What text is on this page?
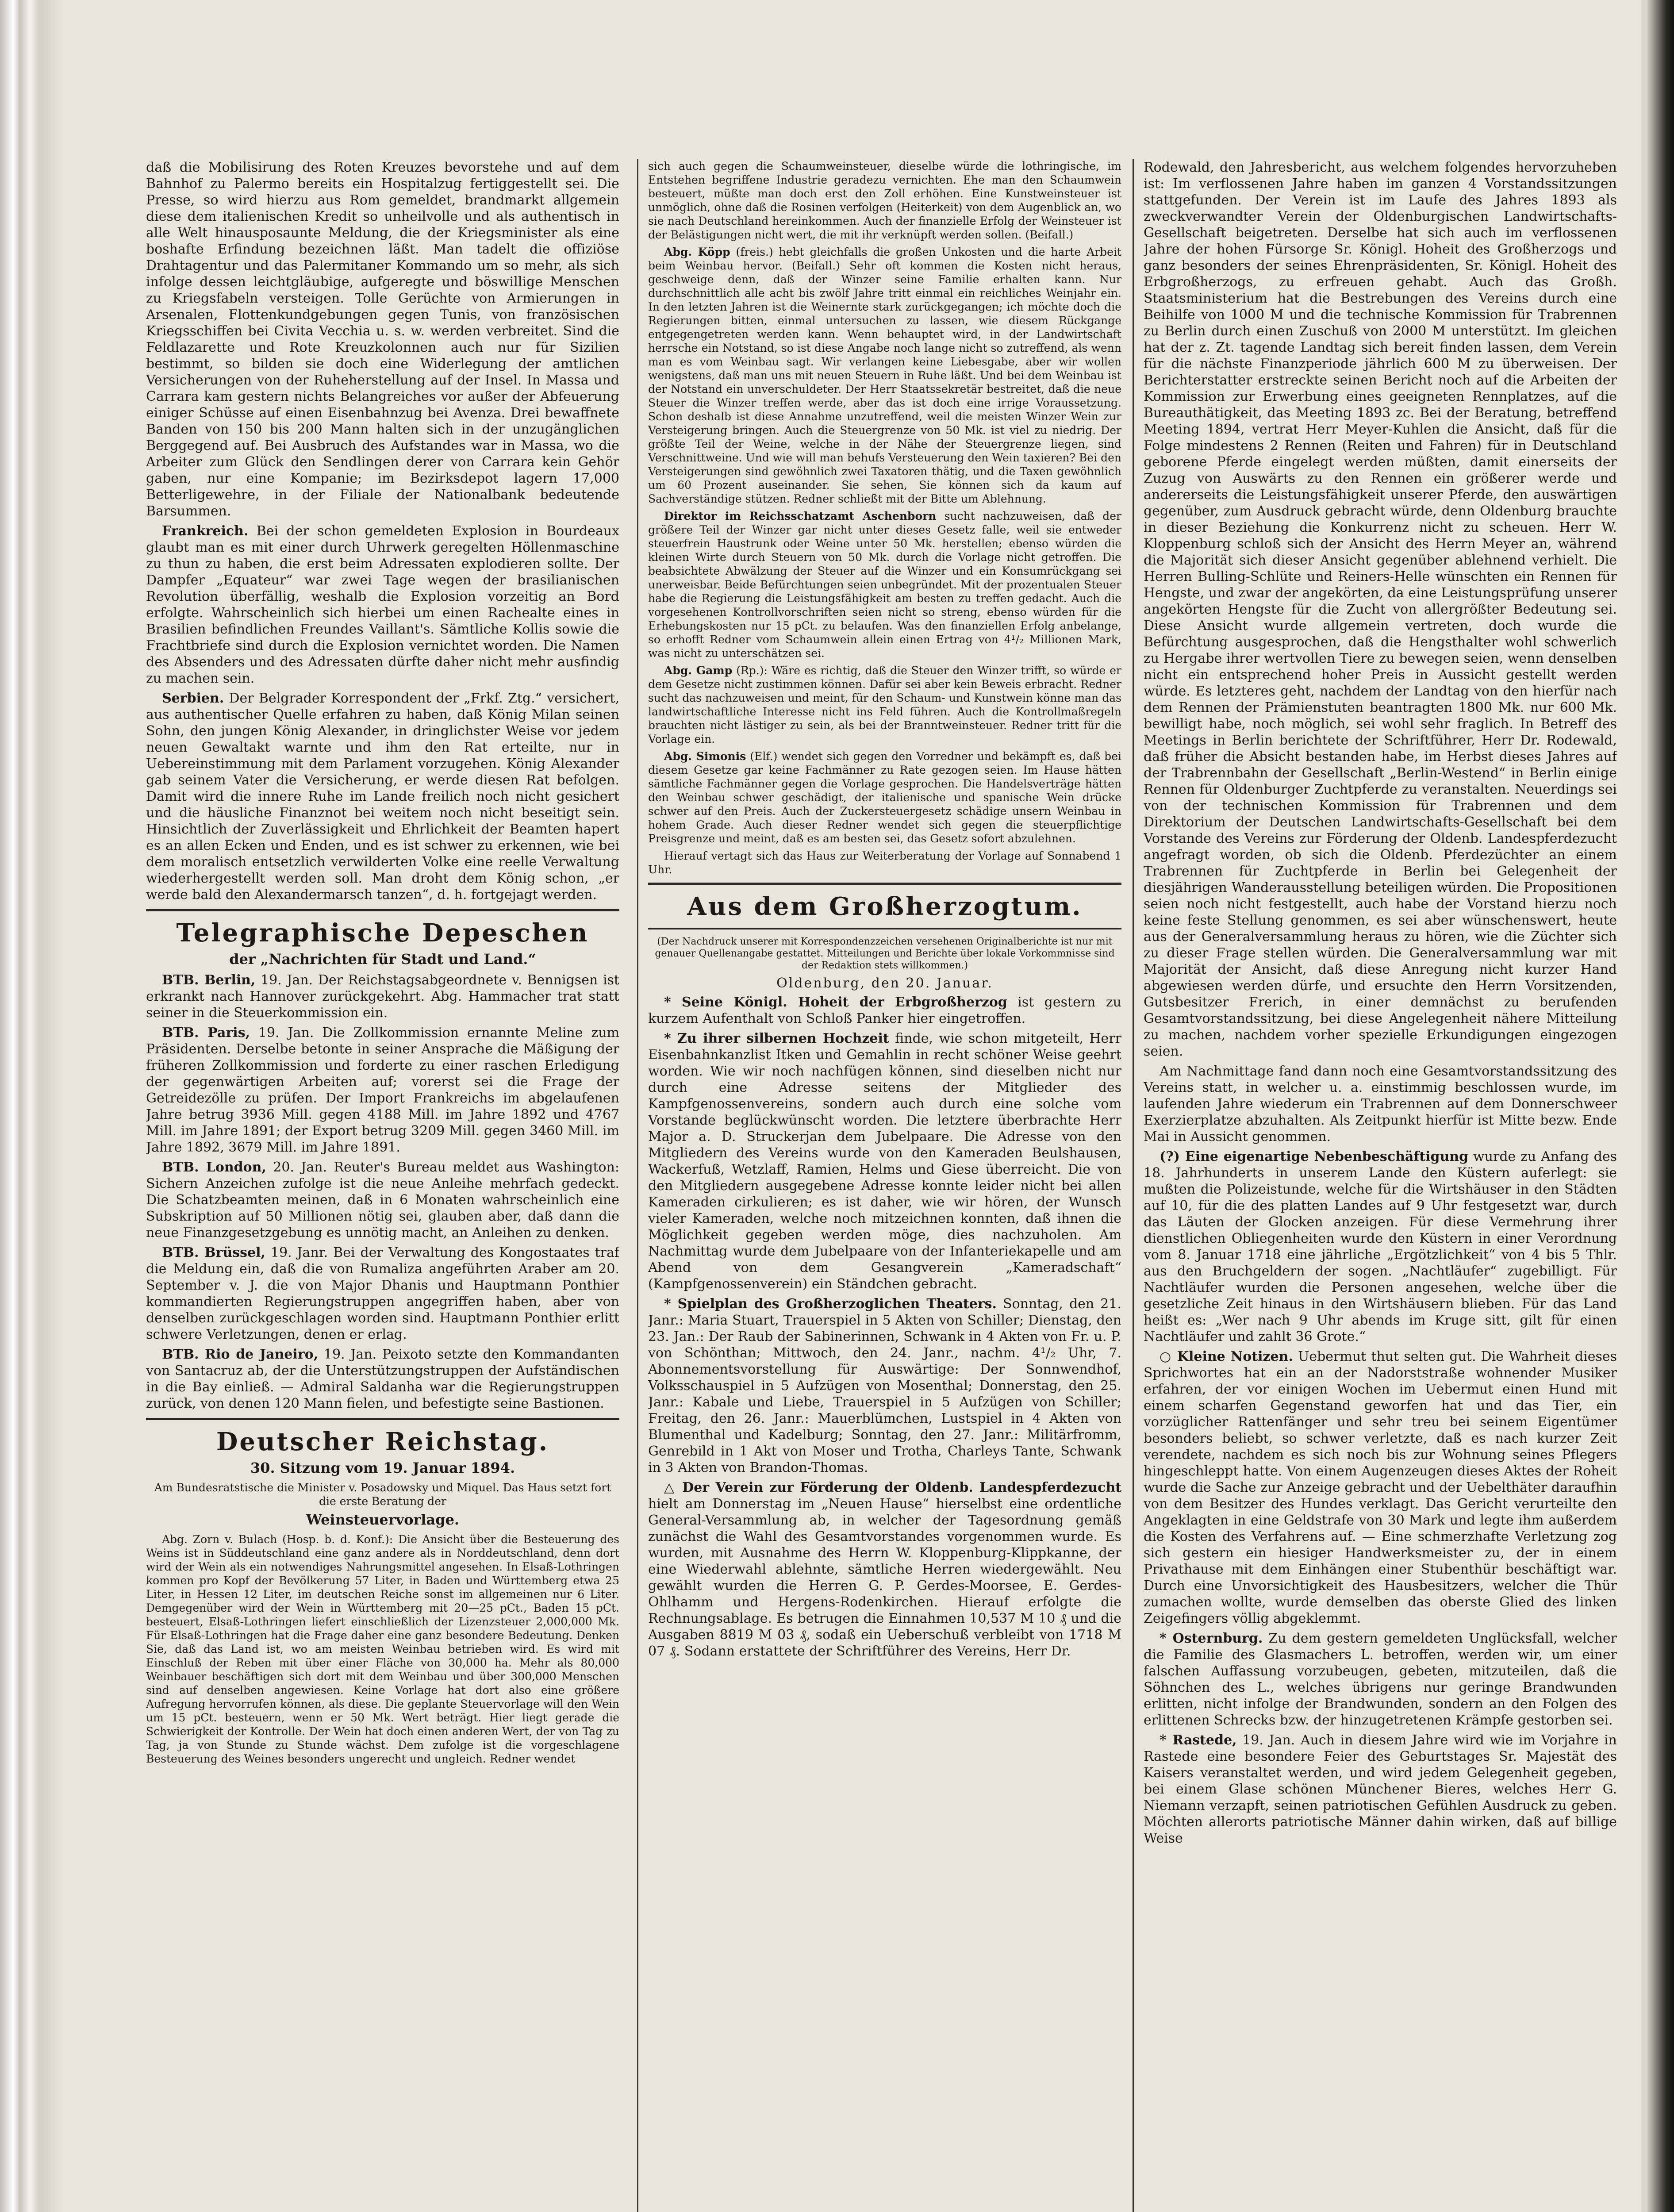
daß die Mobilisirung des Roten Kreuzes bevorstehe und auf dem Bahnhof zu Palermo bereits ein Hospitalzug fertiggestellt sei. Die Presse, so wird hierzu aus Rom gemeldet, brandmarkt allgemein diese dem italienischen Kredit so unheilvolle und als authentisch in alle Welt hinausposaunte Meldung, die der Kriegsminister als eine boshafte Erfindung bezeichnen läßt. Man tadelt die offiziöse Drahtagentur und das Palermitaner Kommando um so mehr, als sich infolge dessen leichtgläubige, aufgeregte und böswillige Menschen zu Kriegsfabeln versteigen. Tolle Gerüchte von Armierungen in Arsenalen, Flottenkundgebungen gegen Tunis, von französischen Kriegsschiffen bei Civita Vecchia u. s. w. werden verbreitet. Sind die Feldlazarette und Rote Kreuzkolonnen auch nur für Sizilien bestimmt, so bilden sie doch eine Widerlegung der amtlichen Versicherungen von der Ruheherstellung auf der Insel. In Massa und Carrara kam gestern nichts Belangreiches vor außer der Abfeuerung einiger Schüsse auf einen Eisenbahnzug bei Avenza. Drei bewaffnete Banden von 150 bis 200 Mann halten sich in der unzugänglichen Berggegend auf. Bei Ausbruch des Aufstandes war in Massa, wo die Arbeiter zum Glück den Sendlingen derer von Carrara kein Gehör gaben, nur eine Kompanie; im Bezirksdepot lagern 17,000 Betterligewehre, in der Filiale der Nationalbank bedeutende Barsummen.

Frankreich. Bei der schon gemeldeten Explosion in Bourdeaux glaubt man es mit einer durch Uhrwerk geregelten Höllenmaschine zu thun zu haben, die erst beim Adressaten explodieren sollte. Der Dampfer „Equateur“ war zwei Tage wegen der brasilianischen Revolution überfällig, weshalb die Explosion vorzeitig an Bord erfolgte. Wahrscheinlich sich hierbei um einen Rachealte eines in Brasilien befindlichen Freundes Vaillant's. Sämtliche Kollis sowie die Frachtbriefe sind durch die Explosion vernichtet worden. Die Namen des Absenders und des Adressaten dürfte daher nicht mehr ausfindig zu machen sein.

Serbien. Der Belgrader Korrespondent der „Frkf. Ztg.“ versichert, aus authentischer Quelle erfahren zu haben, daß König Milan seinen Sohn, den jungen König Alexander, in dringlichster Weise vor jedem neuen Gewaltakt warnte und ihm den Rat erteilte, nur in Uebereinstimmung mit dem Parlament vorzugehen. König Alexander gab seinem Vater die Versicherung, er werde diesen Rat befolgen. Damit wird die innere Ruhe im Lande freilich noch nicht gesichert und die häusliche Finanznot bei weitem noch nicht beseitigt sein. Hinsichtlich der Zuverlässigkeit und Ehrlichkeit der Beamten hapert es an allen Ecken und Enden, und es ist schwer zu erkennen, wie bei dem moralisch entsetzlich verwilderten Volke eine reelle Verwaltung wiederhergestellt werden soll. Man droht dem König schon, „er werde bald den Alexandermarsch tanzen“, d. h. fortgejagt werden.

Telegraphische Depeschen
der „Nachrichten für Stadt und Land.“

BTB. Berlin, 19. Jan. Der Reichstagsabgeordnete v. Bennigsen ist erkrankt nach Hannover zurückgekehrt. Abg. Hammacher trat statt seiner in die Steuerkommission ein.

BTB. Paris, 19. Jan. Die Zollkommission ernannte Meline zum Präsidenten. Derselbe betonte in seiner Ansprache die Mäßigung der früheren Zollkommission und forderte zu einer raschen Erledigung der gegenwärtigen Arbeiten auf; vorerst sei die Frage der Getreidezölle zu prüfen. Der Import Frankreichs im abgelaufenen Jahre betrug 3936 Mill. gegen 4188 Mill. im Jahre 1892 und 4767 Mill. im Jahre 1891; der Export betrug 3209 Mill. gegen 3460 Mill. im Jahre 1892, 3679 Mill. im Jahre 1891.

BTB. London, 20. Jan. Reuter's Bureau meldet aus Washington: Sichern Anzeichen zufolge ist die neue Anleihe mehrfach gedeckt. Die Schatzbeamten meinen, daß in 6 Monaten wahrscheinlich eine Subskription auf 50 Millionen nötig sei, glauben aber, daß dann die neue Finanzgesetzgebung es unnötig macht, an Anleihen zu denken.

BTB. Brüssel, 19. Janr. Bei der Verwaltung des Kongostaates traf die Meldung ein, daß die von Rumaliza angeführten Araber am 20. September v. J. die von Major Dhanis und Hauptmann Ponthier kommandierten Regierungstruppen angegriffen haben, aber von denselben zurückgeschlagen worden sind. Hauptmann Ponthier erlitt schwere Verletzungen, denen er erlag.

BTB. Rio de Janeiro, 19. Jan. Peixoto setzte den Kommandanten von Santacruz ab, der die Unterstützungstruppen der Aufständischen in die Bay einließ. — Admiral Saldanha war die Regierungstruppen zurück, von denen 120 Mann fielen, und befestigte seine Bastionen.

Deutscher Reichstag.
30. Sitzung vom 19. Januar 1894.

Am Bundesratstische die Minister v. Posadowsky und Miquel. Das Haus setzt fort die erste Beratung der

Weinsteuervorlage.

Abg. Zorn v. Bulach (Hosp. b. d. Konf.): Die Ansicht über die Besteuerung des Weins ist in Süddeutschland eine ganz andere als in Norddeutschland, denn dort wird der Wein als ein notwendiges Nahrungsmittel angesehen. In Elsaß-Lothringen kommen pro Kopf der Bevölkerung 57 Liter, in Baden und Württemberg etwa 25 Liter, in Hessen 12 Liter, im deutschen Reiche sonst im allgemeinen nur 6 Liter. Demgegenüber wird der Wein in Württemberg mit 20—25 pCt., Baden 15 pCt. besteuert, Elsaß-Lothringen liefert einschließlich der Lizenzsteuer 2,000,000 Mk. Für Elsaß-Lothringen hat die Frage daher eine ganz besondere Bedeutung. Denken Sie, daß das Land ist, wo am meisten Weinbau betrieben wird. Es wird mit Einschluß der Reben mit über einer Fläche von 30,000 ha. Mehr als 80,000 Weinbauer beschäftigen sich dort mit dem Weinbau und über 300,000 Menschen sind auf denselben angewiesen. Keine Vorlage hat dort also eine größere Aufregung hervorrufen können, als diese. Die geplante Steuervorlage will den Wein um 15 pCt. besteuern, wenn er 50 Mk. Wert beträgt. Hier liegt gerade die Schwierigkeit der Kontrolle. Der Wein hat doch einen anderen Wert, der von Tag zu Tag, ja von Stunde zu Stunde wächst. Dem zufolge ist die vorgeschlagene Besteuerung des Weines besonders ungerecht und ungleich. Redner wendet

sich auch gegen die Schaumweinsteuer, dieselbe würde die lothringische, im Entstehen begriffene Industrie geradezu vernichten. Ehe man den Schaumwein besteuert, müßte man doch erst den Zoll erhöhen. Eine Kunstweinsteuer ist unmöglich, ohne daß die Rosinen verfolgen (Heiterkeit) von dem Augenblick an, wo sie nach Deutschland hereinkommen. Auch der finanzielle Erfolg der Weinsteuer ist der Belästigungen nicht wert, die mit ihr verknüpft werden sollen. (Beifall.)

Abg. Köpp (freis.) hebt gleichfalls die großen Unkosten und die harte Arbeit beim Weinbau hervor. (Beifall.) Sehr oft kommen die Kosten nicht heraus, geschweige denn, daß der Winzer seine Familie erhalten kann. Nur durchschnittlich alle acht bis zwölf Jahre tritt einmal ein reichliches Weinjahr ein. In den letzten Jahren ist die Weinernte stark zurückgegangen; ich möchte doch die Regierungen bitten, einmal untersuchen zu lassen, wie diesem Rückgange entgegengetreten werden kann. Wenn behauptet wird, in der Landwirtschaft herrsche ein Notstand, so ist diese Angabe noch lange nicht so zutreffend, als wenn man es vom Weinbau sagt. Wir verlangen keine Liebesgabe, aber wir wollen wenigstens, daß man uns mit neuen Steuern in Ruhe läßt. Und bei dem Weinbau ist der Notstand ein unverschuldeter. Der Herr Staatssekretär bestreitet, daß die neue Steuer die Winzer treffen werde, aber das ist doch eine irrige Voraussetzung. Schon deshalb ist diese Annahme unzutreffend, weil die meisten Winzer Wein zur Versteigerung bringen. Auch die Steuergrenze von 50 Mk. ist viel zu niedrig. Der größte Teil der Weine, welche in der Nähe der Steuergrenze liegen, sind Verschnittweine. Und wie will man behufs Versteuerung den Wein taxieren? Bei den Versteigerungen sind gewöhnlich zwei Taxatoren thätig, und die Taxen gewöhnlich um 60 Prozent auseinander. Sie sehen, Sie können sich da kaum auf Sachverständige stützen. Redner schließt mit der Bitte um Ablehnung.

Direktor im Reichsschatzamt Aschenborn sucht nachzuweisen, daß der größere Teil der Winzer gar nicht unter dieses Gesetz falle, weil sie entweder steuerfrein Haustrunk oder Weine unter 50 Mk. herstellen; ebenso würden die kleinen Wirte durch Steuern von 50 Mk. durch die Vorlage nicht getroffen. Die beabsichtete Abwälzung der Steuer auf die Winzer und ein Konsumrückgang sei unerweisbar. Beide Befürchtungen seien unbegründet. Mit der prozentualen Steuer habe die Regierung die Leistungsfähigkeit am besten zu treffen gedacht. Auch die vorgesehenen Kontrollvorschriften seien nicht so streng, ebenso würden für die Erhebungskosten nur 15 pCt. zu belaufen. Was den finanziellen Erfolg anbelange, so erhofft Redner vom Schaumwein allein einen Ertrag von 4¹/₂ Millionen Mark, was nicht zu unterschätzen sei.

Abg. Gamp (Rp.): Wäre es richtig, daß die Steuer den Winzer trifft, so würde er dem Gesetze nicht zustimmen können. Dafür sei aber kein Beweis erbracht. Redner sucht das nachzuweisen und meint, für den Schaum- und Kunstwein könne man das landwirtschaftliche Interesse nicht ins Feld führen. Auch die Kontrollmaßregeln brauchten nicht lästiger zu sein, als bei der Branntweinsteuer. Redner tritt für die Vorlage ein.

Abg. Simonis (Elf.) wendet sich gegen den Vorredner und bekämpft es, daß bei diesem Gesetze gar keine Fachmänner zu Rate gezogen seien. Im Hause hätten sämtliche Fachmänner gegen die Vorlage gesprochen. Die Handelsverträge hätten den Weinbau schwer geschädigt, der italienische und spanische Wein drücke schwer auf den Preis. Auch der Zuckersteuergesetz schädige unsern Weinbau in hohem Grade. Auch dieser Redner wendet sich gegen die steuerpflichtige Preisgrenze und meint, daß es am besten sei, das Gesetz sofort abzulehnen.

Hierauf vertagt sich das Haus zur Weiterberatung der Vorlage auf Sonnabend 1 Uhr.

Aus dem Großherzogtum.

(Der Nachdruck unserer mit Korrespondenzzeichen versehenen Originalberichte ist nur mit genauer Quellenangabe gestattet. Mitteilungen und Berichte über lokale Vorkommnisse sind der Redaktion stets willkommen.)

Oldenburg, den 20. Januar.

* Seine Königl. Hoheit der Erbgroßherzog ist gestern zu kurzem Aufenthalt von Schloß Panker hier eingetroffen.

* Zu ihrer silbernen Hochzeit finde, wie schon mitgeteilt, Herr Eisenbahnkanzlist Itken und Gemahlin in recht schöner Weise geehrt worden. Wie wir noch nachfügen können, sind dieselben nicht nur durch eine Adresse seitens der Mitglieder des Kampfgenossenvereins, sondern auch durch eine solche vom Vorstande beglückwünscht worden. Die letztere überbrachte Herr Major a. D. Struckerjan dem Jubelpaare. Die Adresse von den Mitgliedern des Vereins wurde von den Kameraden Beulshausen, Wackerfuß, Wetzlaff, Ramien, Helms und Giese überreicht. Die von den Mitgliedern ausgegebene Adresse konnte leider nicht bei allen Kameraden cirkulieren; es ist daher, wie wir hören, der Wunsch vieler Kameraden, welche noch mitzeichnen konnten, daß ihnen die Möglichkeit gegeben werden möge, dies nachzuholen. Am Nachmittag wurde dem Jubelpaare von der Infanteriekapelle und am Abend von dem Gesangverein „Kameradschaft“ (Kampfgenossenverein) ein Ständchen gebracht.

* Spielplan des Großherzoglichen Theaters. Sonntag, den 21. Janr.: Maria Stuart, Trauerspiel in 5 Akten von Schiller; Dienstag, den 23. Jan.: Der Raub der Sabinerinnen, Schwank in 4 Akten von Fr. u. P. von Schönthan; Mittwoch, den 24. Janr., nachm. 4¹/₂ Uhr, 7. Abonnementsvorstellung für Auswärtige: Der Sonnwendhof, Volksschauspiel in 5 Aufzügen von Mosenthal; Donnerstag, den 25. Janr.: Kabale und Liebe, Trauerspiel in 5 Aufzügen von Schiller; Freitag, den 26. Janr.: Mauerblümchen, Lustspiel in 4 Akten von Blumenthal und Kadelburg; Sonntag, den 27. Janr.: Militärfromm, Genrebild in 1 Akt von Moser und Trotha, Charleys Tante, Schwank in 3 Akten von Brandon-Thomas.

△ Der Verein zur Förderung der Oldenb. Landespferdezucht hielt am Donnerstag im „Neuen Hause“ hierselbst eine ordentliche General-Versammlung ab, in welcher der Tagesordnung gemäß zunächst die Wahl des Gesamtvorstandes vorgenommen wurde. Es wurden, mit Ausnahme des Herrn W. Kloppenburg-Klippkanne, der eine Wiederwahl ablehnte, sämtliche Herren wiedergewählt. Neu gewählt wurden die Herren G. P. Gerdes-Moorsee, E. Gerdes-Ohlhamm und Hergens-Rodenkirchen. Hierauf erfolgte die Rechnungsablage. Es betrugen die Einnahmen 10,537 M 10 ₰ und die Ausgaben 8819 M 03 ₰, sodaß ein Ueberschuß verbleibt von 1718 M 07 ₰. Sodann erstattete der Schriftführer des Vereins, Herr Dr.

Rodewald, den Jahresbericht, aus welchem folgendes hervorzuheben ist: Im verflossenen Jahre haben im ganzen 4 Vorstandssitzungen stattgefunden. Der Verein ist im Laufe des Jahres 1893 als zweckverwandter Verein der Oldenburgischen Landwirtschafts-Gesellschaft beigetreten. Derselbe hat sich auch im verflossenen Jahre der hohen Fürsorge Sr. Königl. Hoheit des Großherzogs und ganz besonders der seines Ehrenpräsidenten, Sr. Königl. Hoheit des Erbgroßherzogs, zu erfreuen gehabt. Auch das Großh. Staatsministerium hat die Bestrebungen des Vereins durch eine Beihilfe von 1000 M und die technische Kommission für Trabrennen zu Berlin durch einen Zuschuß von 2000 M unterstützt. Im gleichen hat der z. Zt. tagende Landtag sich bereit finden lassen, dem Verein für die nächste Finanzperiode jährlich 600 M zu überweisen. Der Berichterstatter erstreckte seinen Bericht noch auf die Arbeiten der Kommission zur Erwerbung eines geeigneten Rennplatzes, auf die Bureauthätigkeit, das Meeting 1893 zc. Bei der Beratung, betreffend Meeting 1894, vertrat Herr Meyer-Kuhlen die Ansicht, daß für die Folge mindestens 2 Rennen (Reiten und Fahren) für in Deutschland geborene Pferde eingelegt werden müßten, damit einerseits der Zuzug von Auswärts zu den Rennen ein größerer werde und andererseits die Leistungsfähigkeit unserer Pferde, den auswärtigen gegenüber, zum Ausdruck gebracht würde, denn Oldenburg brauchte in dieser Beziehung die Konkurrenz nicht zu scheuen. Herr W. Kloppenburg schloß sich der Ansicht des Herrn Meyer an, während die Majorität sich dieser Ansicht gegenüber ablehnend verhielt. Die Herren Bulling-Schlüte und Reiners-Helle wünschten ein Rennen für Hengste, und zwar der angekörten, da eine Leistungsprüfung unserer angekörten Hengste für die Zucht von allergrößter Bedeutung sei. Diese Ansicht wurde allgemein vertreten, doch wurde die Befürchtung ausgesprochen, daß die Hengsthalter wohl schwerlich zu Hergabe ihrer wertvollen Tiere zu bewegen seien, wenn denselben nicht ein entsprechend hoher Preis in Aussicht gestellt werden würde. Es letzteres geht, nachdem der Landtag von den hierfür nach dem Rennen der Prämienstuten beantragten 1800 Mk. nur 600 Mk. bewilligt habe, noch möglich, sei wohl sehr fraglich. In Betreff des Meetings in Berlin berichtete der Schriftführer, Herr Dr. Rodewald, daß früher die Absicht bestanden habe, im Herbst dieses Jahres auf der Trabrennbahn der Gesellschaft „Berlin-Westend“ in Berlin einige Rennen für Oldenburger Zuchtpferde zu veranstalten. Neuerdings sei von der technischen Kommission für Trabrennen und dem Direktorium der Deutschen Landwirtschafts-Gesellschaft bei dem Vorstande des Vereins zur Förderung der Oldenb. Landespferdezucht angefragt worden, ob sich die Oldenb. Pferdezüchter an einem Trabrennen für Zuchtpferde in Berlin bei Gelegenheit der diesjährigen Wanderausstellung beteiligen würden. Die Propositionen seien noch nicht festgestellt, auch habe der Vorstand hierzu noch keine feste Stellung genommen, es sei aber wünschenswert, heute aus der Generalversammlung heraus zu hören, wie die Züchter sich zu dieser Frage stellen würden. Die Generalversammlung war mit Majorität der Ansicht, daß diese Anregung nicht kurzer Hand abgewiesen werden dürfe, und ersuchte den Herrn Vorsitzenden, Gutsbesitzer Frerich, in einer demnächst zu berufenden Gesamtvorstandssitzung, bei diese Angelegenheit nähere Mitteilung zu machen, nachdem vorher spezielle Erkundigungen eingezogen seien.

Am Nachmittage fand dann noch eine Gesamtvorstandssitzung des Vereins statt, in welcher u. a. einstimmig beschlossen wurde, im laufenden Jahre wiederum ein Trabrennen auf dem Donnerschweer Exerzierplatze abzuhalten. Als Zeitpunkt hierfür ist Mitte bezw. Ende Mai in Aussicht genommen.

(?) Eine eigenartige Nebenbeschäftigung wurde zu Anfang des 18. Jahrhunderts in unserem Lande den Küstern auferlegt: sie mußten die Polizeistunde, welche für die Wirtshäuser in den Städten auf 10, für die des platten Landes auf 9 Uhr festgesetzt war, durch das Läuten der Glocken anzeigen. Für diese Vermehrung ihrer dienstlichen Obliegenheiten wurde den Küstern in einer Verordnung vom 8. Januar 1718 eine jährliche „Ergötzlichkeit“ von 4 bis 5 Thlr. aus den Bruchgeldern der sogen. „Nachtläufer“ zugebilligt. Für Nachtläufer wurden die Personen angesehen, welche über die gesetzliche Zeit hinaus in den Wirtshäusern blieben. Für das Land heißt es: „Wer nach 9 Uhr abends im Kruge sitt, gilt für einen Nachtläufer und zahlt 36 Grote.“

○ Kleine Notizen. Uebermut thut selten gut. Die Wahrheit dieses Sprichwortes hat ein an der Nadorststraße wohnender Musiker erfahren, der vor einigen Wochen im Uebermut einen Hund mit einem scharfen Gegenstand geworfen hat und das Tier, ein vorzüglicher Rattenfänger und sehr treu bei seinem Eigentümer besonders beliebt, so schwer verletzte, daß es nach kurzer Zeit verendete, nachdem es sich noch bis zur Wohnung seines Pflegers hingeschleppt hatte. Von einem Augenzeugen dieses Aktes der Roheit wurde die Sache zur Anzeige gebracht und der Uebelthäter daraufhin von dem Besitzer des Hundes verklagt. Das Gericht verurteilte den Angeklagten in eine Geldstrafe von 30 Mark und legte ihm außerdem die Kosten des Verfahrens auf. — Eine schmerzhafte Verletzung zog sich gestern ein hiesiger Handwerksmeister zu, der in einem Privathause mit dem Einhängen einer Stubenthür beschäftigt war. Durch eine Unvorsichtigkeit des Hausbesitzers, welcher die Thür zumachen wollte, wurde demselben das oberste Glied des linken Zeigefingers völlig abgeklemmt.

* Osternburg. Zu dem gestern gemeldeten Unglücksfall, welcher die Familie des Glasmachers L. betroffen, werden wir, um einer falschen Auffassung vorzubeugen, gebeten, mitzuteilen, daß die Söhnchen des L., welches übrigens nur geringe Brandwunden erlitten, nicht infolge der Brandwunden, sondern an den Folgen des erlittenen Schrecks bzw. der hinzugetretenen Krämpfe gestorben sei.

* Rastede, 19. Jan. Auch in diesem Jahre wird wie im Vorjahre in Rastede eine besondere Feier des Geburtstages Sr. Majestät des Kaisers veranstaltet werden, und wird jedem Gelegenheit gegeben, bei einem Glase schönen Münchener Bieres, welches Herr G. Niemann verzapft, seinen patriotischen Gefühlen Ausdruck zu geben. Möchten allerorts patriotische Männer dahin wirken, daß auf billige Weise
